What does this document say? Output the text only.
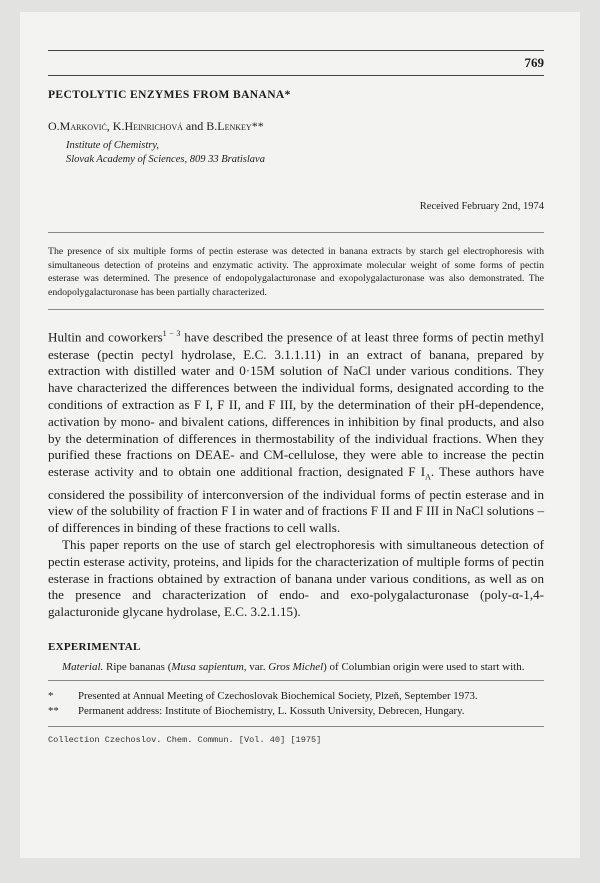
769
PECTOLYTIC ENZYMES FROM BANANA*
O.Marković, K.Heinrichová and B.Lenkey**
Institute of Chemistry,
Slovak Academy of Sciences, 809 33 Bratislava
Received February 2nd, 1974
The presence of six multiple forms of pectin esterase was detected in banana extracts by starch gel electrophoresis with simultaneous detection of proteins and enzymatic activity. The approximate molecular weight of some forms of pectin esterase was determined. The presence of endopolygalacturonase and exopolygalacturonase was also demonstrated. The endopolygalacturonase has been partially characterized.

Hultin and coworkers$^{1 - 3}$ have described the presence of at least three forms of pectin methyl esterase (pectin pectyl hydrolase, E.C. 3.1.1.11) in an extract of banana, prepared by extraction with distilled water and 0·15M solution of NaCl under various conditions. They have characterized the differences between the individual forms, designated according to the conditions of extraction as F I, F II, and F III, by the determination of their pH-dependence, activation by mono- and bivalent cations, differences in inhibition by final products, and also by the determination of differences in thermostability of the individual fractions. When they purified these fractions on DEAE- and CM-cellulose, they were able to increase the pectin esterase activity and to obtain one additional fraction, designated F $I_A$. These authors have considered the possibility of interconversion of the individual forms of pectin esterase and in view of the solubility of fraction F I in water and of fractions F II and F III in NaCl solutions – of differences in binding of these fractions to cell walls.

This paper reports on the use of starch gel electrophoresis with simultaneous detection of pectin esterase activity, proteins, and lipids for the characterization of multiple forms of pectin esterase in fractions obtained by extraction of banana under various conditions, as well as on the presence and characterization of endo- and exo-polygalacturonase (poly-α-1,4-galacturonide glycane hydrolase, E.C. 3.2.1.15).

EXPERIMENTAL
Material. Ripe bananas (Musa sapientum, var. Gros Michel) of Columbian origin were used to start with.
*	Presented at Annual Meeting of Czechoslovak Biochemical Society, Plzeň, September 1973.
**	Permanent address: Institute of Biochemistry, L. Kossuth University, Debrecen, Hungary.
Collection Czechoslov. Chem. Commun. [Vol. 40] [1975]
